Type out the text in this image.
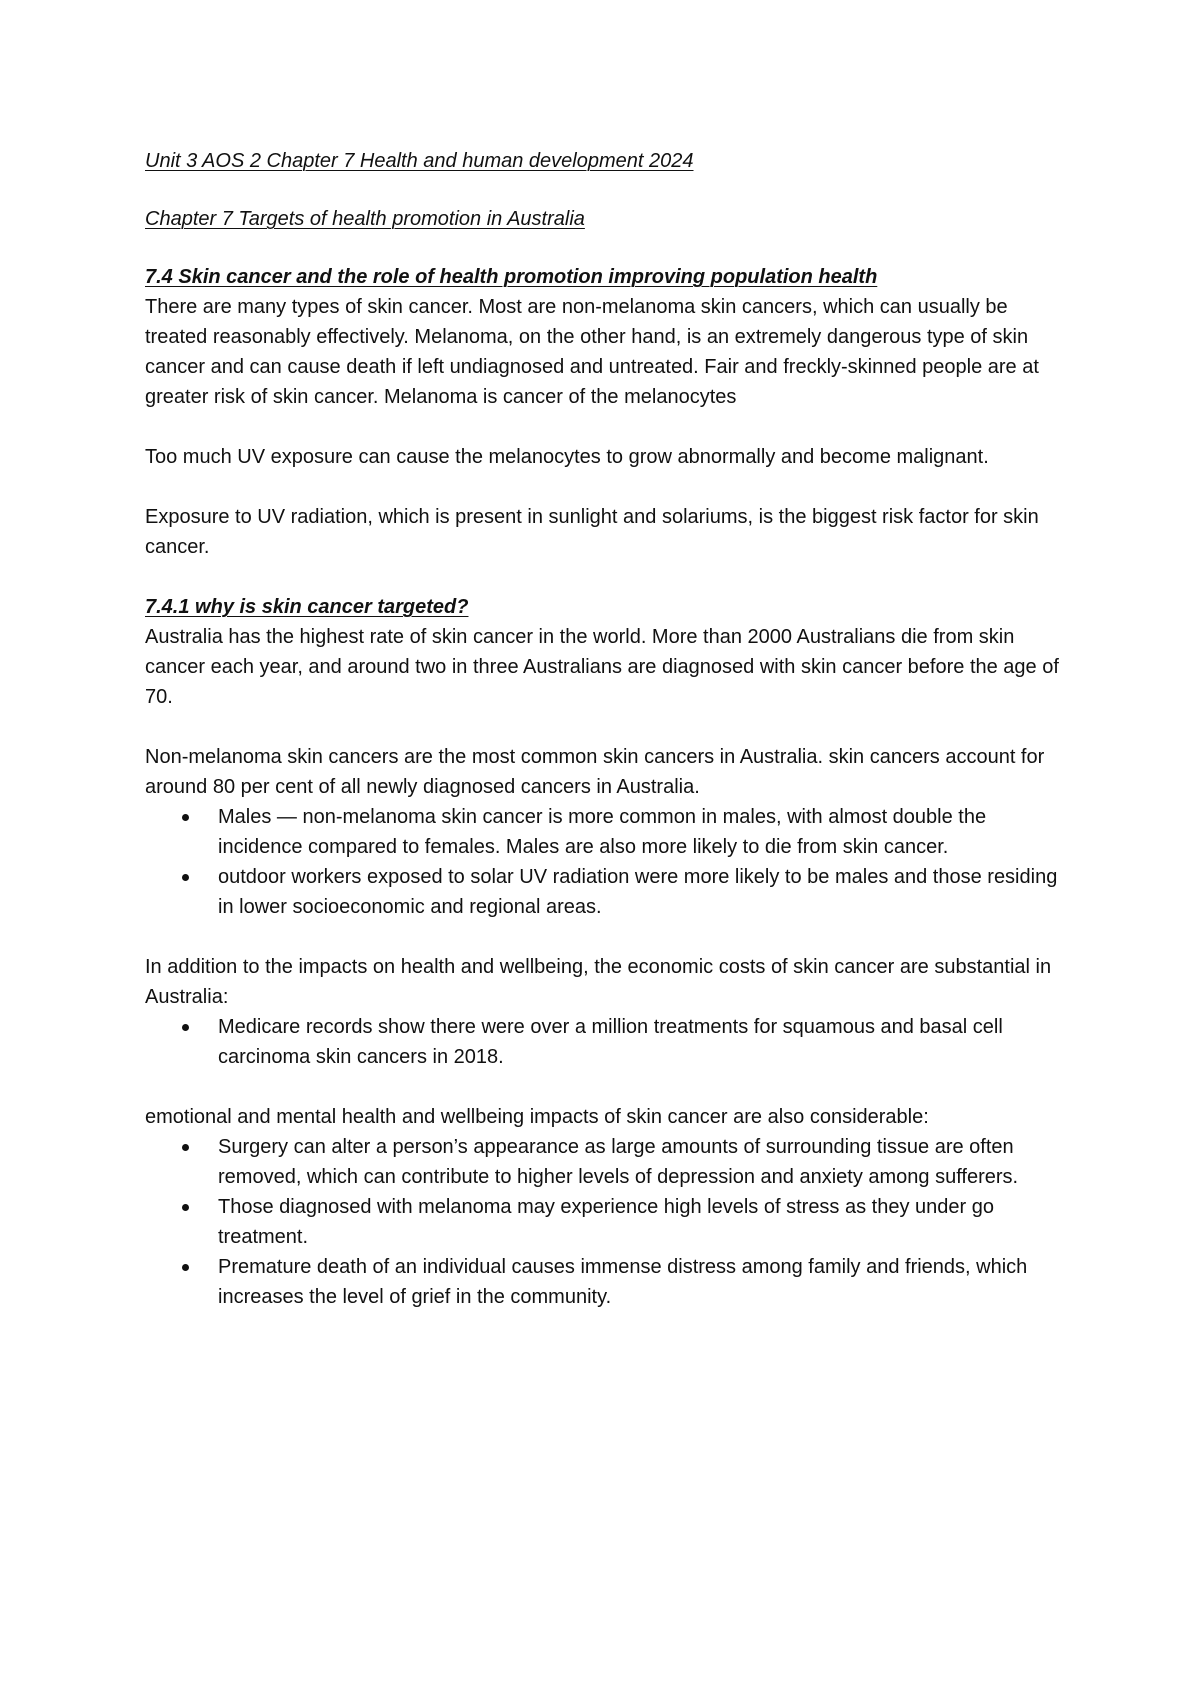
Unit 3 AOS 2 Chapter 7 Health and human development 2024

Chapter 7 Targets of health promotion in Australia

7.4 Skin cancer and the role of health promotion improving population health

There are many types of skin cancer. Most are non-melanoma skin cancers, which can usually be treated reasonably effectively. Melanoma, on the other hand, is an extremely dangerous type of skin cancer and can cause death if left undiagnosed and untreated. Fair and freckly-skinned people are at greater risk of skin cancer. Melanoma is cancer of the melanocytes

Too much UV exposure can cause the melanocytes to grow abnormally and become malignant.

Exposure to UV radiation, which is present in sunlight and solariums, is the biggest risk factor for skin cancer.

7.4.1 why is skin cancer targeted?

Australia has the highest rate of skin cancer in the world. More than 2000 Australians die from skin cancer each year, and around two in three Australians are diagnosed with skin cancer before the age of 70.

Non-melanoma skin cancers are the most common skin cancers in Australia. skin cancers account for around 80 per cent of all newly diagnosed cancers in Australia.

Males — non-melanoma skin cancer is more common in males, with almost double the incidence compared to females. Males are also more likely to die from skin cancer.
outdoor workers exposed to solar UV radiation were more likely to be males and those residing in lower socioeconomic and regional areas.

In addition to the impacts on health and wellbeing, the economic costs of skin cancer are substantial in Australia:

Medicare records show there were over a million treatments for squamous and basal cell carcinoma skin cancers in 2018.

emotional and mental health and wellbeing impacts of skin cancer are also considerable:

Surgery can alter a person’s appearance as large amounts of surrounding tissue are often removed, which can contribute to higher levels of depression and anxiety among sufferers.
Those diagnosed with melanoma may experience high levels of stress as they under go treatment.
Premature death of an individual causes immense distress among family and friends, which increases the level of grief in the community.
